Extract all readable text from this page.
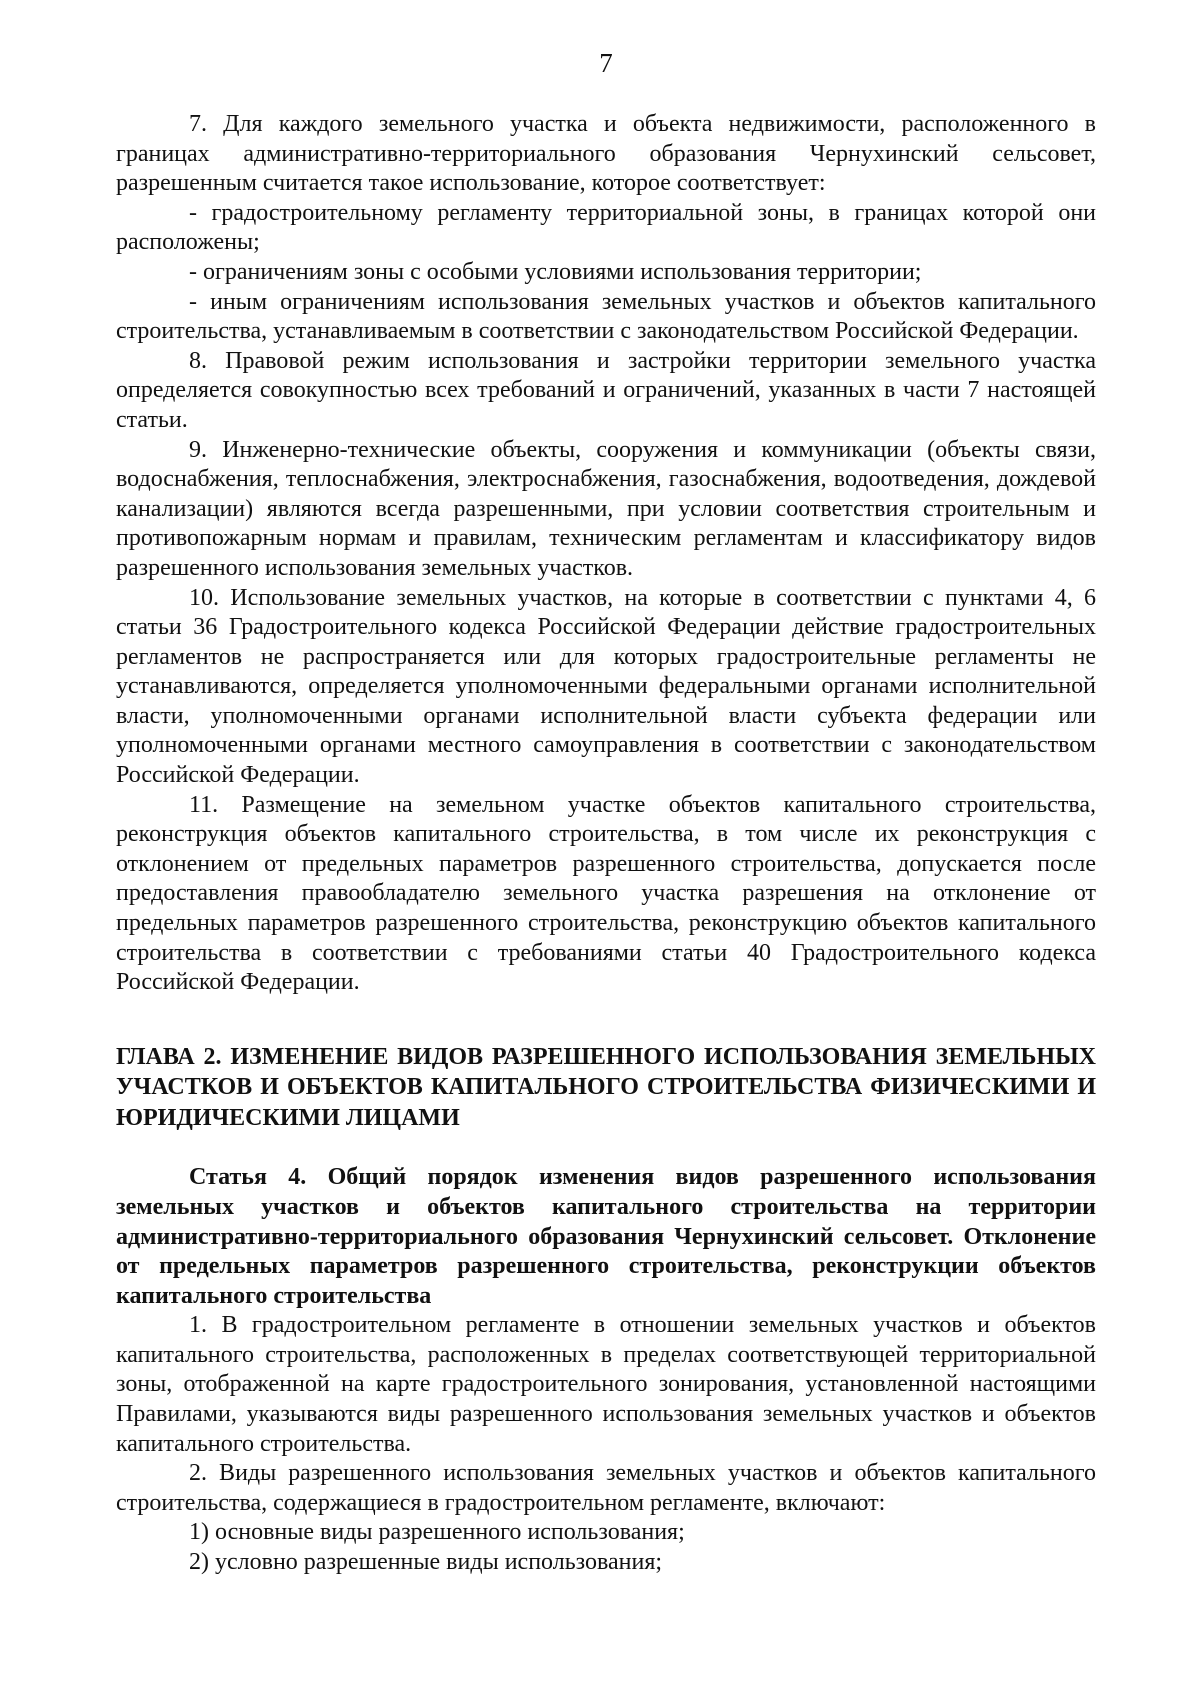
7

7. Для каждого земельного участка и объекта недвижимости, расположенного в границах административно-территориального образования Чернухинский сельсовет, разрешенным считается такое использование, которое соответствует:

- градостроительному регламенту территориальной зоны, в границах которой они расположены;

- ограничениям зоны с особыми условиями использования территории;

- иным ограничениям использования земельных участков и объектов капитального строительства, устанавливаемым в соответствии с законодательством Российской Федерации.

8. Правовой режим использования и застройки территории земельного участка определяется совокупностью всех требований и ограничений, указанных в части 7 настоящей статьи.

9. Инженерно-технические объекты, сооружения и коммуникации (объекты связи, водоснабжения, теплоснабжения, электроснабжения, газоснабжения, водоотведения, дождевой канализации) являются всегда разрешенными, при условии соответствия строительным и противопожарным нормам и правилам, техническим регламентам и классификатору видов разрешенного использования земельных участков.

10. Использование земельных участков, на которые в соответствии с пунктами 4, 6 статьи 36 Градостроительного кодекса Российской Федерации действие градостроительных регламентов не распространяется или для которых градостроительные регламенты не устанавливаются, определяется уполномоченными федеральными органами исполнительной власти, уполномоченными органами исполнительной власти субъекта федерации или уполномоченными органами местного самоуправления в соответствии с законодательством Российской Федерации.

11. Размещение на земельном участке объектов капитального строительства, реконструкция объектов капитального строительства, в том числе их реконструкция с отклонением от предельных параметров разрешенного строительства, допускается после предоставления правообладателю земельного участка разрешения на отклонение от предельных параметров разрешенного строительства, реконструкцию объектов капитального строительства в соответствии с требованиями статьи 40 Градостроительного кодекса Российской Федерации.

ГЛАВА 2. ИЗМЕНЕНИЕ ВИДОВ РАЗРЕШЕННОГО ИСПОЛЬЗОВАНИЯ ЗЕМЕЛЬНЫХ УЧАСТКОВ И ОБЪЕКТОВ КАПИТАЛЬНОГО СТРОИТЕЛЬСТВА ФИЗИЧЕСКИМИ И ЮРИДИЧЕСКИМИ ЛИЦАМИ

Статья 4. Общий порядок изменения видов разрешенного использования земельных участков и объектов капитального строительства на территории административно-территориального образования Чернухинский сельсовет. Отклонение от предельных параметров разрешенного строительства, реконструкции объектов капитального строительства

1. В градостроительном регламенте в отношении земельных участков и объектов капитального строительства, расположенных в пределах соответствующей территориальной зоны, отображенной на карте градостроительного зонирования, установленной настоящими Правилами, указываются виды разрешенного использования земельных участков и объектов капитального строительства.

2. Виды разрешенного использования земельных участков и объектов капитального строительства, содержащиеся в градостроительном регламенте, включают:

1) основные виды разрешенного использования;

2) условно разрешенные виды использования;
